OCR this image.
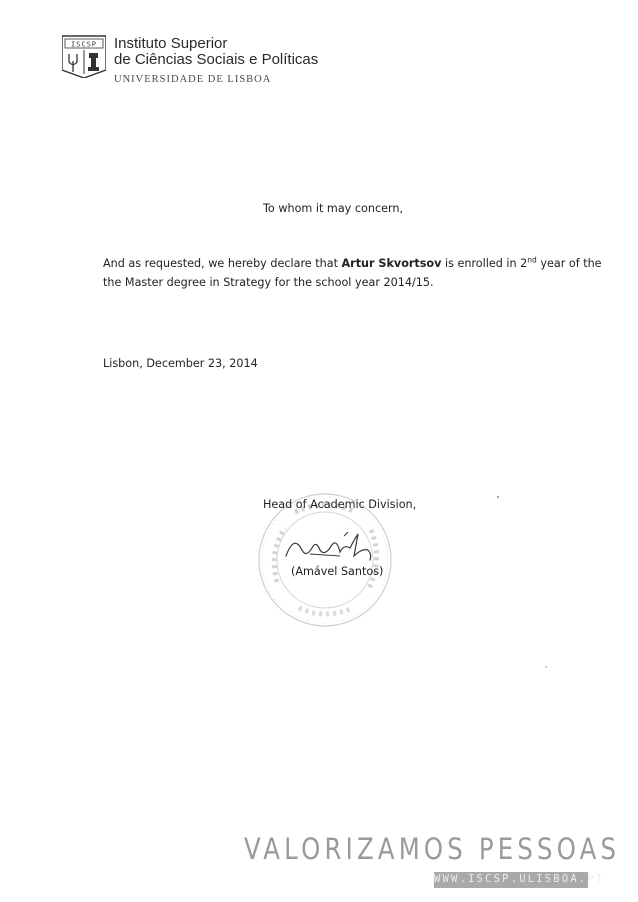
ISCSP Instituto Superior
de Ciências Sociais e Políticas
UNIVERSIDADE DE LISBOA
To whom it may concern,
And as requested, we hereby declare that Artur Skvortsov is enrolled in 2nd year of the
the Master degree in Strategy for the school year 2014/15.
Lisbon, December 23, 2014
Head of Academic Division,
(Amável Santos)
VALORIZAMOS PESSOAS
WWW.ISCSP.ULISBOA.PT
